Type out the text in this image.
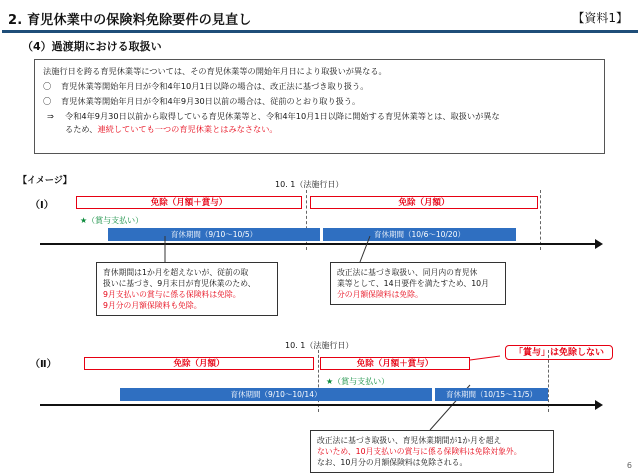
2. 育児休業中の保険料免除要件の見直し	【資料1】
（4）過渡期における取扱い
法施行日を跨る育児休業等については、その育児休業等の開始年月日により取扱いが異なる。
〇 育児休業等開始年月日が令和4年10月1日以降の場合は、改正法に基づき取り扱う。
〇 育児休業等開始年月日が令和4年9月30日以前の場合は、従前のとおり取り扱う。
⇒ 令和4年9月30日以前から取得している育児休業等と、令和4年10月1日以降に開始する育児休業等とは、取扱いが異な
るため、連続していても一つの育児休業とはみなさない。
【イメージ】	10. 1（法施行日）
（Ⅰ）	免除（月額＋賞与）	免除（月額）
★（賞与支払い）
育休期間（9/10～10/5）	育休期間（10/6～10/20）
育休期間は1か月を超えないが、従前の取
扱いに基づき、9月末日が育児休業のため、
9月支払いの賞与に係る保険料は免除。
9月分の月額保険料も免除。
改正法に基づき取扱い、同月内の育児休
業等として、14日要件を満たすため、10月
分の月額保険料は免除。
10. 1（法施行日）
（Ⅱ）	免除（月額）	免除（月額＋賞与）
「賞与」は免除しない
★（賞与支払い）
育休期間（9/10～10/14）	育休期間（10/15～11/5）
改正法に基づき取扱い、育児休業期間が1か月を超え
ないため、10月支払いの賞与に係る保険料は免除対象外。
なお、10月分の月額保険料は免除される。	6
